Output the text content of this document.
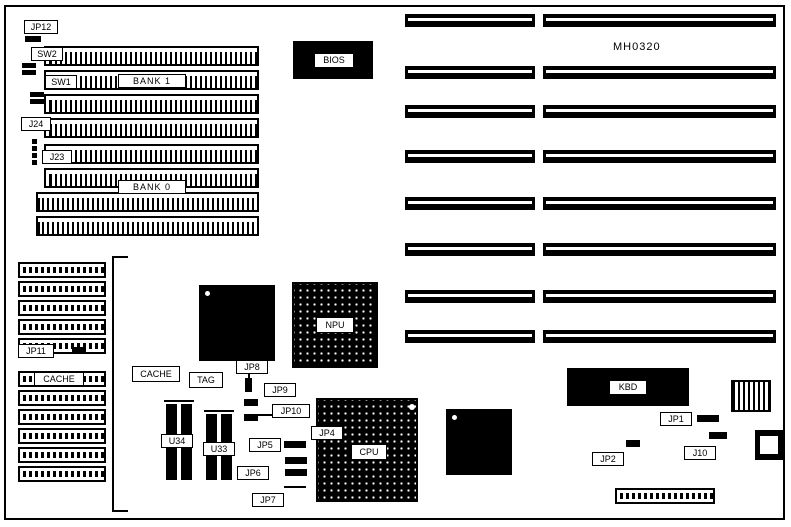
MH0320
BIOS
BANK 1
BANK 0
JP12
SW2
SW1
J24
J23
JP11
CACHE	CACHE
TAG
U34
U33
NPU
CPU
KBD
JP8
JP9
JP10
JP5
JP4
JP6
JP7
JP1
JP2
J10
